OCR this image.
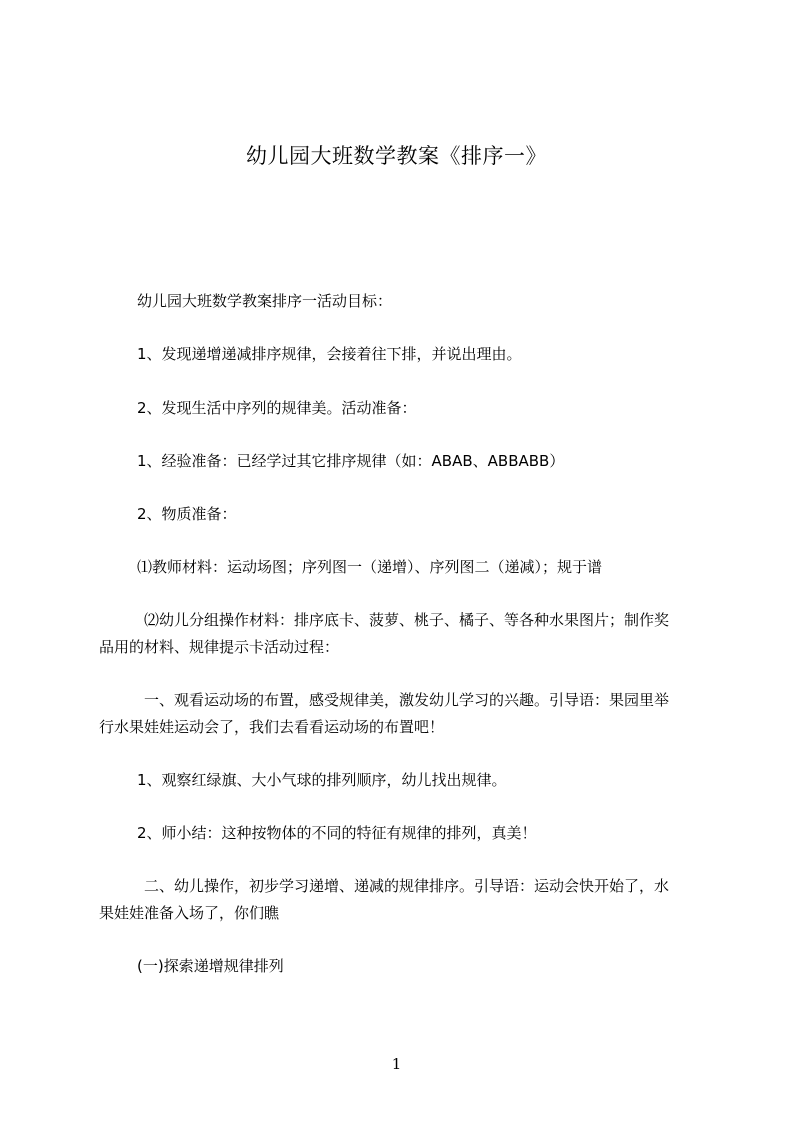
幼儿园大班数学教案《排序一》
幼儿园大班数学教案排序一活动目标：
1、发现递增递减排序规律，会接着往下排，并说出理由。
2、发现生活中序列的规律美。活动准备：
1、经验准备：已经学过其它排序规律（如：ABAB、ABBABB）
2、物质准备：
⑴教师材料：运动场图；序列图一（递增）、序列图二（递减）；规于谱
⑵幼儿分组操作材料：排序底卡、菠萝、桃子、橘子、等各种水果图片；制作奖
品用的材料、规律提示卡活动过程：
一、观看运动场的布置，感受规律美，激发幼儿学习的兴趣。引导语：果园里举
行水果娃娃运动会了，我们去看看运动场的布置吧！
1、观察红绿旗、大小气球的排列顺序，幼儿找出规律。
2、师小结：这种按物体的不同的特征有规律的排列，真美！
二、幼儿操作，初步学习递增、递减的规律排序。引导语：运动会快开始了，水
果娃娃准备入场了，你们瞧
(一)探索递增规律排列
1
